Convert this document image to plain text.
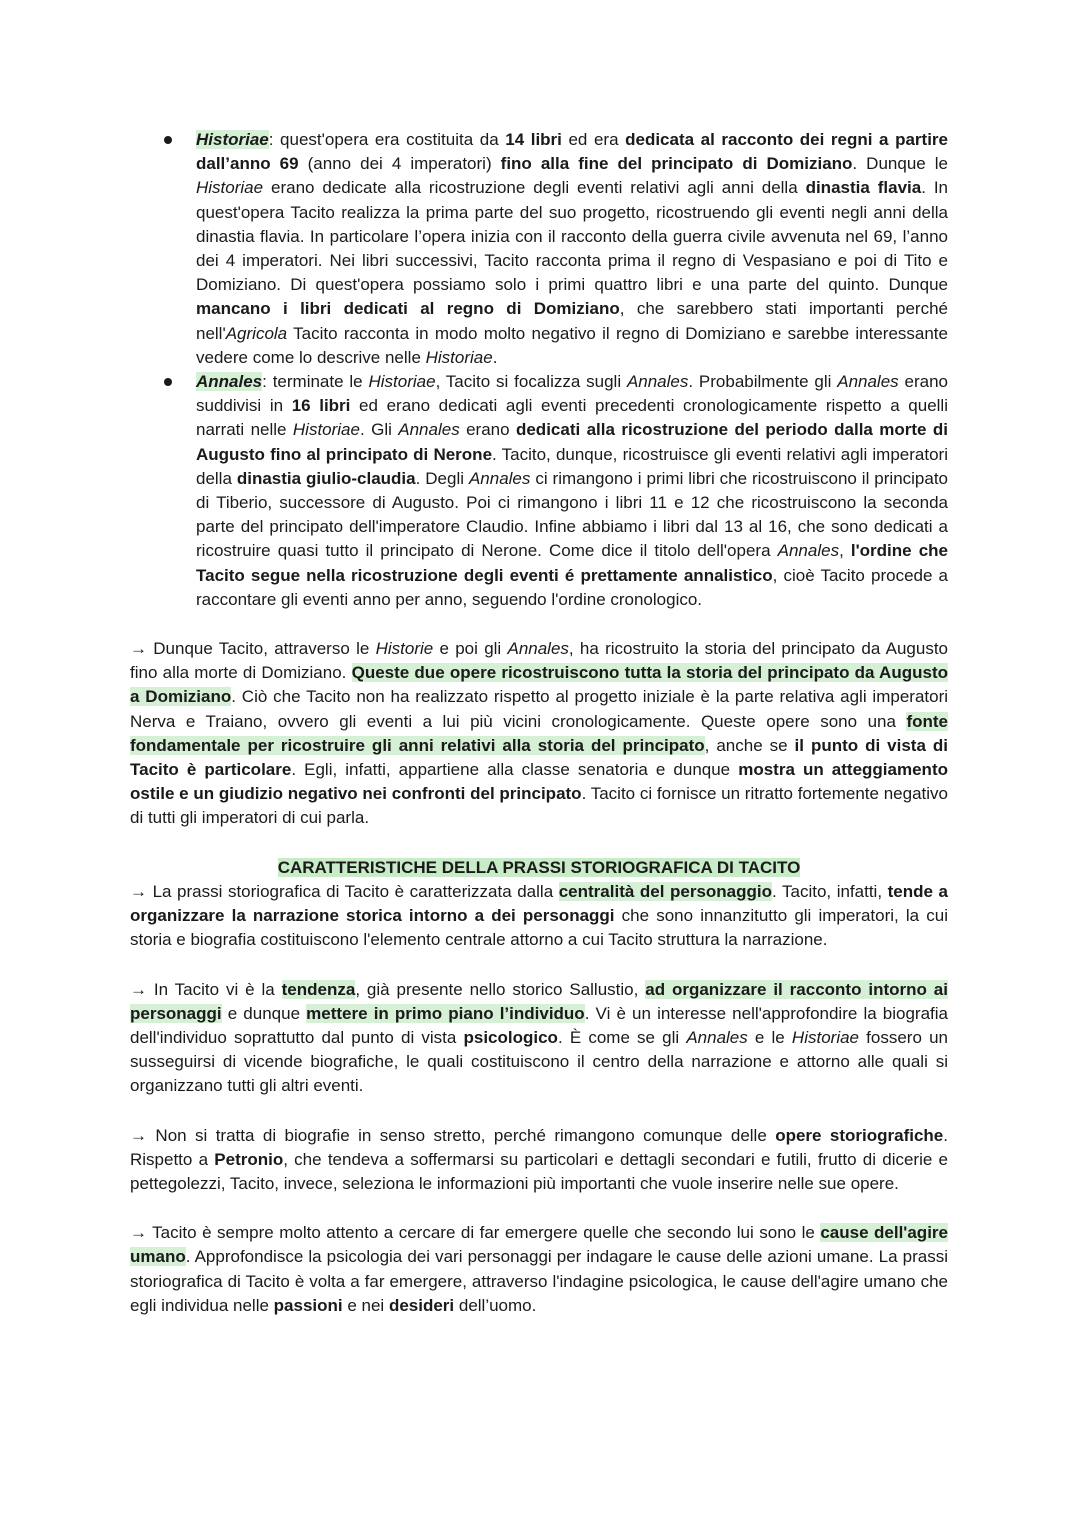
Historiae: quest'opera era costituita da 14 libri ed era dedicata al racconto dei regni a partire dall’anno 69 (anno dei 4 imperatori) fino alla fine del principato di Domiziano. Dunque le Historiae erano dedicate alla ricostruzione degli eventi relativi agli anni della dinastia flavia. In quest'opera Tacito realizza la prima parte del suo progetto, ricostruendo gli eventi negli anni della dinastia flavia. In particolare l’opera inizia con il racconto della guerra civile avvenuta nel 69, l’anno dei 4 imperatori. Nei libri successivi, Tacito racconta prima il regno di Vespasiano e poi di Tito e Domiziano. Di quest'opera possiamo solo i primi quattro libri e una parte del quinto. Dunque mancano i libri dedicati al regno di Domiziano, che sarebbero stati importanti perché nell'Agricola Tacito racconta in modo molto negativo il regno di Domiziano e sarebbe interessante vedere come lo descrive nelle Historiae.
Annales: terminate le Historiae, Tacito si focalizza sugli Annales. Probabilmente gli Annales erano suddivisi in 16 libri ed erano dedicati agli eventi precedenti cronologicamente rispetto a quelli narrati nelle Historiae. Gli Annales erano dedicati alla ricostruzione del periodo dalla morte di Augusto fino al principato di Nerone. Tacito, dunque, ricostruisce gli eventi relativi agli imperatori della dinastia giulio-claudia. Degli Annales ci rimangono i primi libri che ricostruiscono il principato di Tiberio, successore di Augusto. Poi ci rimangono i libri 11 e 12 che ricostruiscono la seconda parte del principato dell'imperatore Claudio. Infine abbiamo i libri dal 13 al 16, che sono dedicati a ricostruire quasi tutto il principato di Nerone. Come dice il titolo dell'opera Annales, l'ordine che Tacito segue nella ricostruzione degli eventi é prettamente annalistico, cioè Tacito procede a raccontare gli eventi anno per anno, seguendo l'ordine cronologico.

→ Dunque Tacito, attraverso le Historie e poi gli Annales, ha ricostruito la storia del principato da Augusto fino alla morte di Domiziano. Queste due opere ricostruiscono tutta la storia del principato da Augusto a Domiziano. Ciò che Tacito non ha realizzato rispetto al progetto iniziale è la parte relativa agli imperatori Nerva e Traiano, ovvero gli eventi a lui più vicini cronologicamente. Queste opere sono una fonte fondamentale per ricostruire gli anni relativi alla storia del principato, anche se il punto di vista di Tacito è particolare. Egli, infatti, appartiene alla classe senatoria e dunque mostra un atteggiamento ostile e un giudizio negativo nei confronti del principato. Tacito ci fornisce un ritratto fortemente negativo di tutti gli imperatori di cui parla.

CARATTERISTICHE DELLA PRASSI STORIOGRAFICA DI TACITO

→ La prassi storiografica di Tacito è caratterizzata dalla centralità del personaggio. Tacito, infatti, tende a organizzare la narrazione storica intorno a dei personaggi che sono innanzitutto gli imperatori, la cui storia e biografia costituiscono l'elemento centrale attorno a cui Tacito struttura la narrazione.

→ In Tacito vi è la tendenza, già presente nello storico Sallustio, ad organizzare il racconto intorno ai personaggi e dunque mettere in primo piano l’individuo. Vi è un interesse nell'approfondire la biografia dell'individuo soprattutto dal punto di vista psicologico. È come se gli Annales e le Historiae fossero un susseguirsi di vicende biografiche, le quali costituiscono il centro della narrazione e attorno alle quali si organizzano tutti gli altri eventi.

→ Non si tratta di biografie in senso stretto, perché rimangono comunque delle opere storiografiche. Rispetto a Petronio, che tendeva a soffermarsi su particolari e dettagli secondari e futili, frutto di dicerie e pettegolezzi, Tacito, invece, seleziona le informazioni più importanti che vuole inserire nelle sue opere.

→ Tacito è sempre molto attento a cercare di far emergere quelle che secondo lui sono le cause dell'agire umano. Approfondisce la psicologia dei vari personaggi per indagare le cause delle azioni umane. La prassi storiografica di Tacito è volta a far emergere, attraverso l'indagine psicologica, le cause dell'agire umano che egli individua nelle passioni e nei desideri dell’uomo.
